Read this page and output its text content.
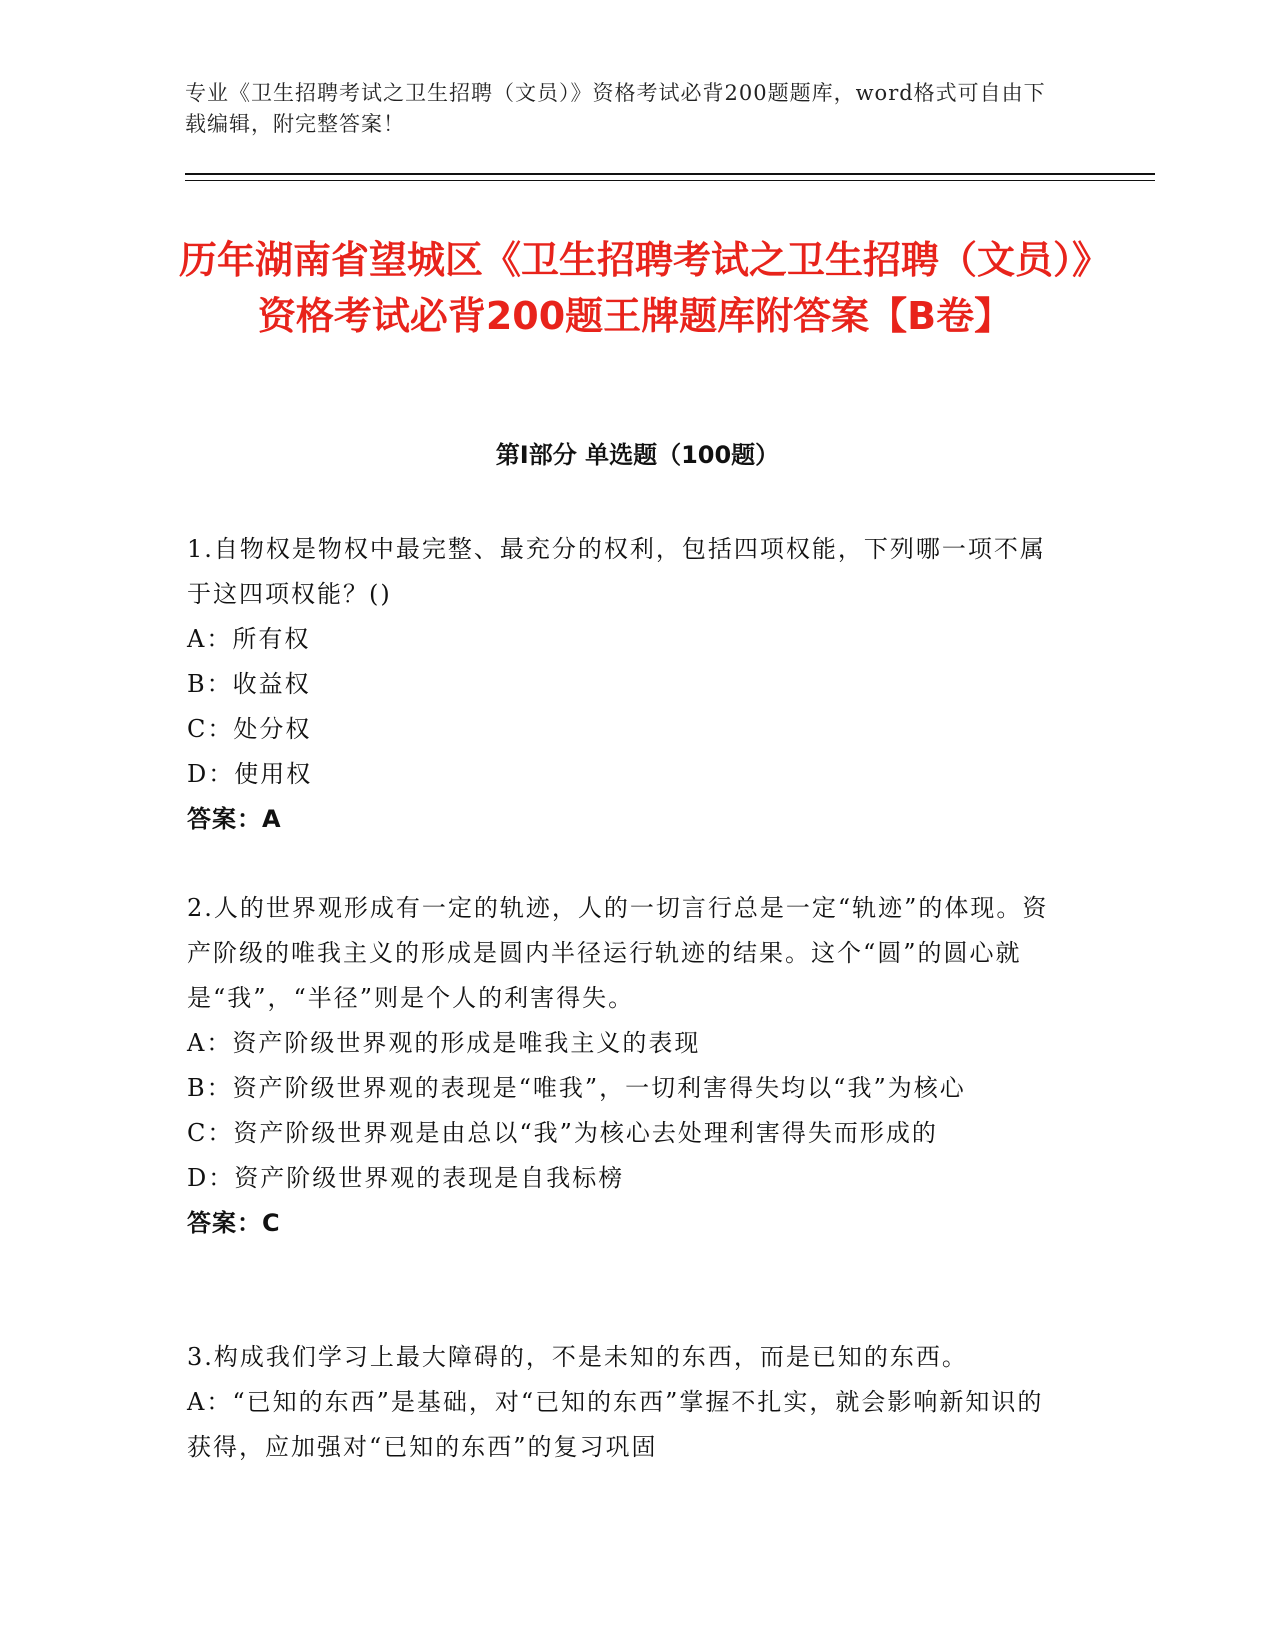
专业《卫生招聘考试之卫生招聘（文员）》资格考试必背200题题库，word格式可自由下载编辑，附完整答案！
历年湖南省望城区《卫生招聘考试之卫生招聘（文员）》资格考试必背200题王牌题库附答案【B卷】
第I部分 单选题（100题）

1.自物权是物权中最完整、最充分的权利，包括四项权能，下列哪一项不属于这四项权能？()

A：所有权

B：收益权

C：处分权

D：使用权

答案：A

2.人的世界观形成有一定的轨迹，人的一切言行总是一定“轨迹”的体现。资产阶级的唯我主义的形成是圆内半径运行轨迹的结果。这个“圆”的圆心就是“我”，“半径”则是个人的利害得失。

A：资产阶级世界观的形成是唯我主义的表现

B：资产阶级世界观的表现是“唯我”，一切利害得失均以“我”为核心

C：资产阶级世界观是由总以“我”为核心去处理利害得失而形成的

D：资产阶级世界观的表现是自我标榜

答案：C

3.构成我们学习上最大障碍的，不是未知的东西，而是已知的东西。

A：“已知的东西”是基础，对“已知的东西”掌握不扎实，就会影响新知识的获得，应加强对“已知的东西”的复习巩固
